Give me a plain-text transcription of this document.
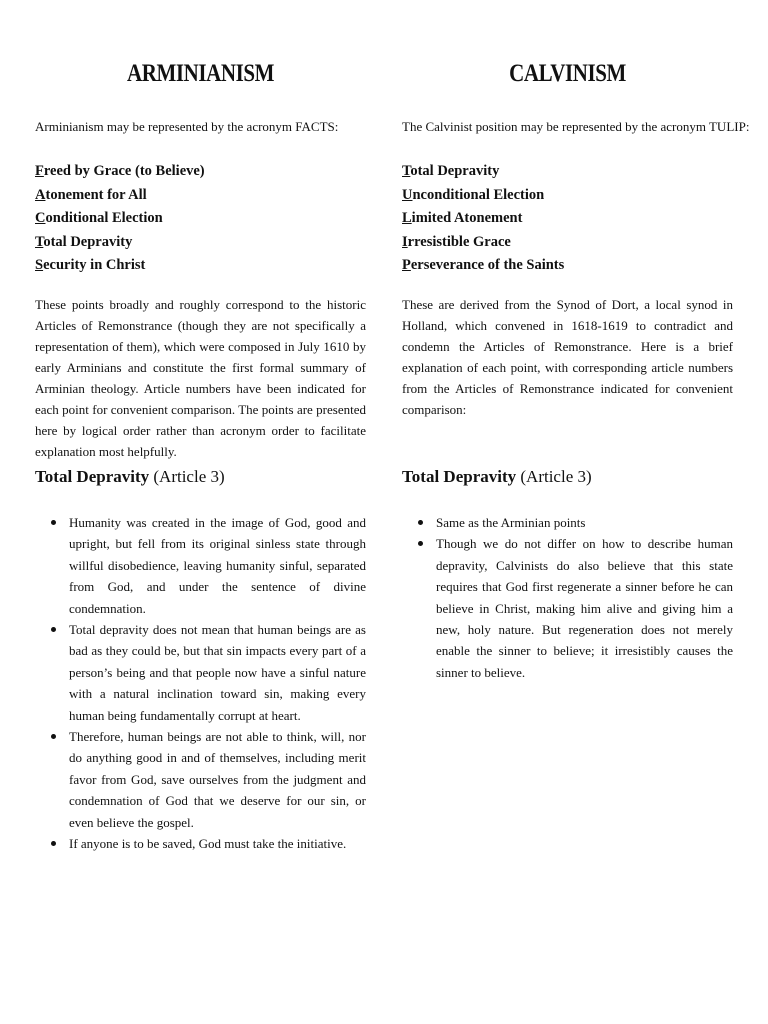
ARMINIANISM
Arminianism may be represented by the acronym FACTS:
Freed by Grace (to Believe)
Atonement for All
Conditional Election
Total Depravity
Security in Christ

These points broadly and roughly correspond to the historic Articles of Remonstrance (though they are not specifically a representation of them), which were composed in July 1610 by early Arminians and constitute the first formal summary of Arminian theology. Article numbers have been indicated for each point for convenient comparison. The points are presented here by logical order rather than acronym order to facilitate explanation most helpfully.

Total Depravity (Article 3)
Humanity was created in the image of God, good and upright, but fell from its original sinless state through willful disobedience, leaving humanity sinful, separated from God, and under the sentence of divine condemnation.
Total depravity does not mean that human beings are as bad as they could be, but that sin impacts every part of a person’s being and that people now have a sinful nature with a natural inclination toward sin, making every human being fundamentally corrupt at heart.
Therefore, human beings are not able to think, will, nor do anything good in and of themselves, including merit favor from God, save ourselves from the judgment and condemnation of God that we deserve for our sin, or even believe the gospel.
If anyone is to be saved, God must take the initiative.
CALVINISM
The Calvinist position may be represented by the acronym TULIP:
Total Depravity
Unconditional Election
Limited Atonement
Irresistible Grace
Perseverance of the Saints

These are derived from the Synod of Dort, a local synod in Holland, which convened in 1618-1619 to contradict and condemn the Articles of Remonstrance. Here is a brief explanation of each point, with corresponding article numbers from the Articles of Remonstrance indicated for convenient comparison:

Total Depravity (Article 3)
Same as the Arminian points
Though we do not differ on how to describe human depravity, Calvinists do also believe that this state requires that God first regenerate a sinner before he can believe in Christ, making him alive and giving him a new, holy nature. But regeneration does not merely enable the sinner to believe; it irresistibly causes the sinner to believe.
